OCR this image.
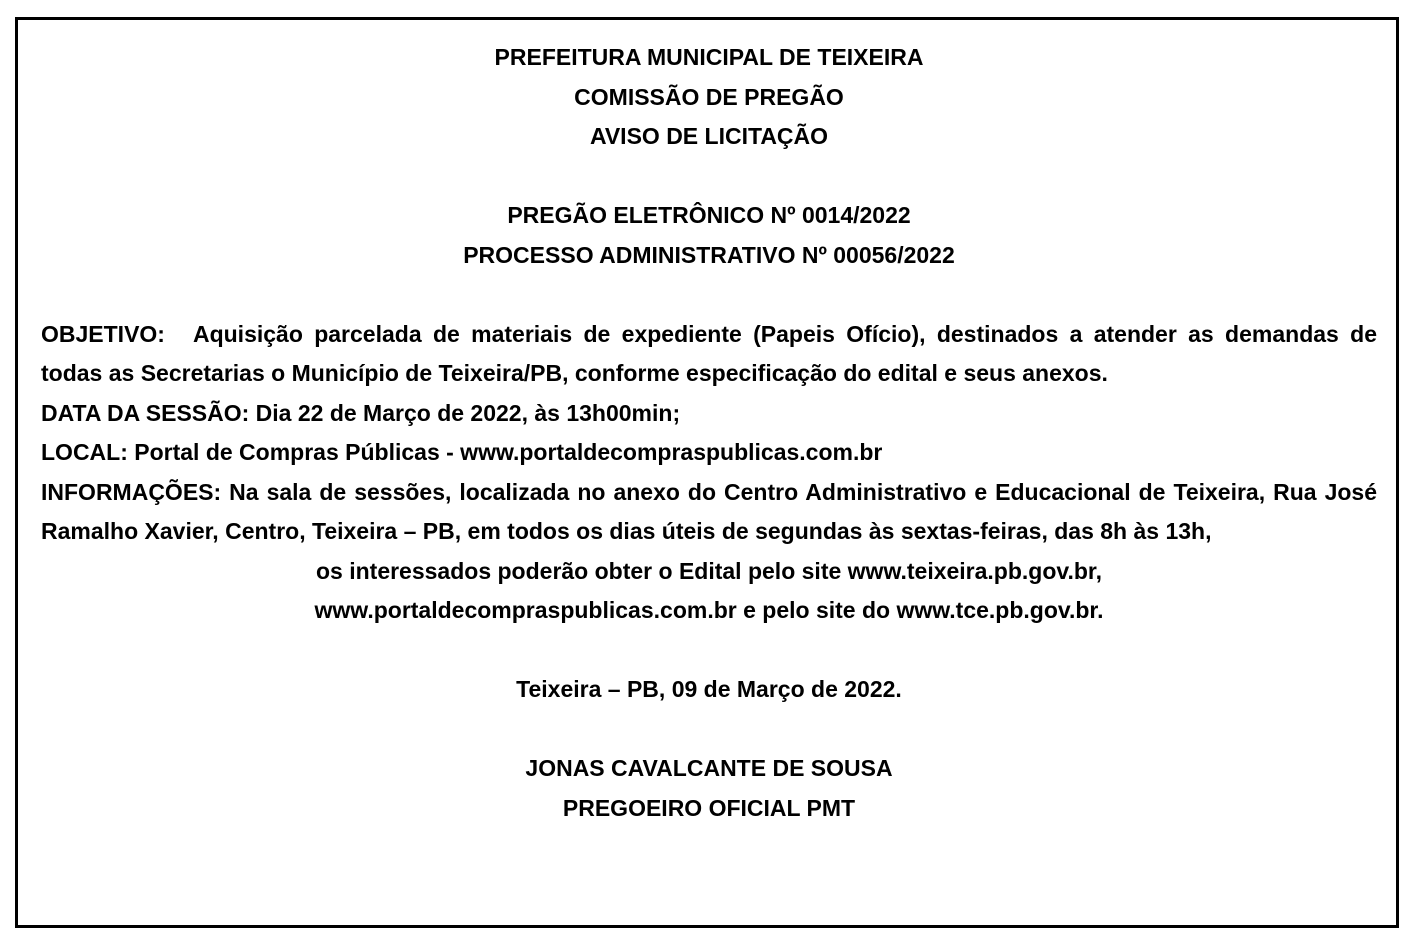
PREFEITURA MUNICIPAL DE TEIXEIRA
COMISSÃO DE PREGÃO
AVISO DE LICITAÇÃO
PREGÃO ELETRÔNICO Nº 0014/2022
PROCESSO ADMINISTRATIVO Nº 00056/2022
OBJETIVO: Aquisição parcelada de materiais de expediente (Papeis Ofício), destinados a atender as demandas de todas as Secretarias o Município de Teixeira/PB, conforme especificação do edital e seus anexos.
DATA DA SESSÃO: Dia 22 de Março de 2022, às 13h00min;
LOCAL: Portal de Compras Públicas - www.portaldecompraspublicas.com.br
INFORMAÇÕES: Na sala de sessões, localizada no anexo do Centro Administrativo e Educacional de Teixeira, Rua José Ramalho Xavier, Centro, Teixeira – PB, em todos os dias úteis de segundas às sextas-feiras, das 8h às 13h,
os interessados poderão obter o Edital pelo site www.teixeira.pb.gov.br,
www.portaldecompraspublicas.com.br e pelo site do www.tce.pb.gov.br.
Teixeira – PB, 09 de Março de 2022.
JONAS CAVALCANTE DE SOUSA
PREGOEIRO OFICIAL PMT
